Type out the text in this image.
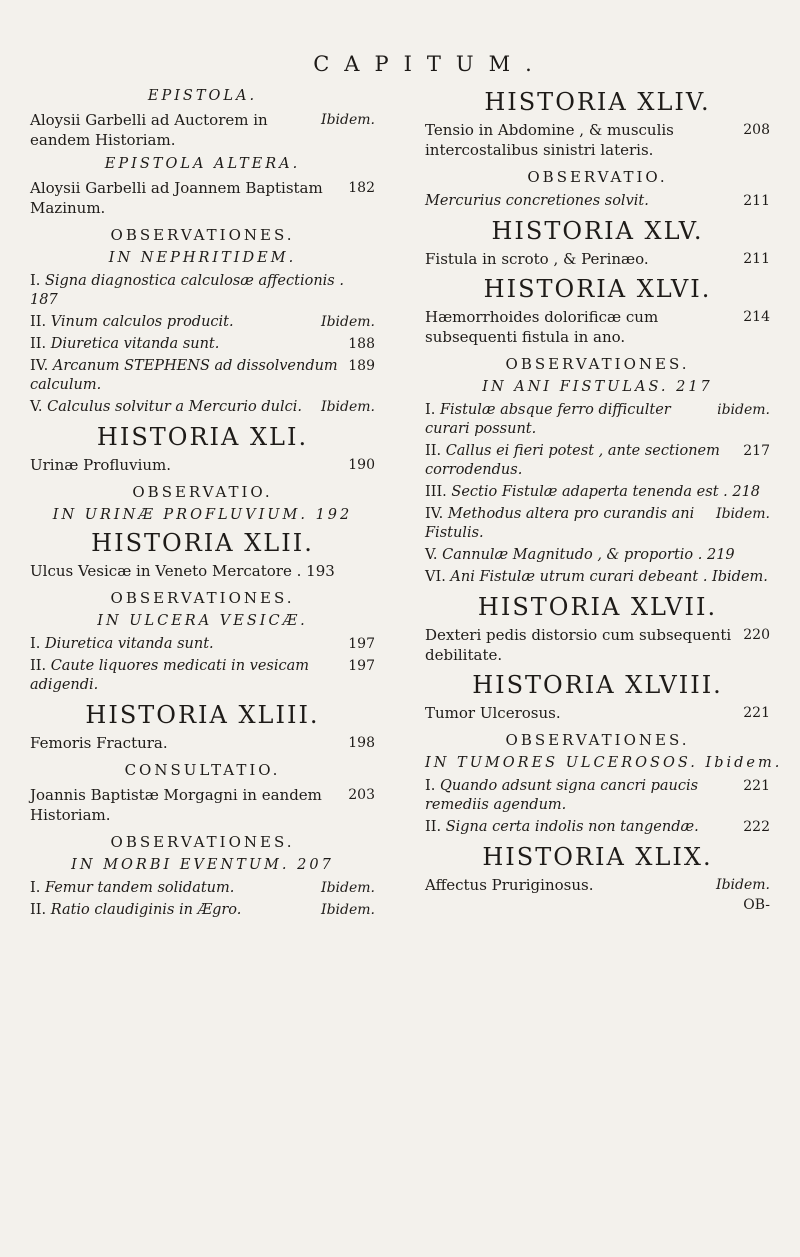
CAPITUM.
EPISTOLA.
Ibidem.
Aloysii Garbelli ad Auctorem in eandem Historiam.
EPISTOLA ALTERA.
182
Aloysii Garbelli ad Joannem Baptistam Mazinum.
OBSERVATIONES.
IN NEPHRITIDEM.
I. Signa diagnostica calculosæ affectionis . 187
Ibidem.
II. Vinum calculos producit.
188
II. Diuretica vitanda sunt.
189
IV. Arcanum STEPHENS ad dissolvendum calculum.
Ibidem.
V. Calculus solvitur a Mercurio dulci.
HISTORIA XLI.
190
Urinæ Profluvium.
OBSERVATIO.
IN URINÆ PROFLUVIUM. 192
HISTORIA XLII.
Ulcus Vesicæ in Veneto Mercatore . 193
OBSERVATIONES.
IN ULCERA VESICÆ.
197
I. Diuretica vitanda sunt.
197
II. Caute liquores medicati in vesicam adigendi.
HISTORIA XLIII.
198
Femoris Fractura.
CONSULTATIO.
203
Joannis Baptistæ Morgagni in eandem Historiam.
OBSERVATIONES.
IN MORBI EVENTUM. 207
Ibidem.
I. Femur tandem solidatum.
Ibidem.
II. Ratio claudiginis in Ægro.
HISTORIA XLIV.
208
Tensio in Abdomine , & musculis intercostalibus sinistri lateris.
OBSERVATIO.
211
Mercurius concretiones solvit.
HISTORIA XLV.
211
Fistula in scroto , & Perinæo.
HISTORIA XLVI.
214
Hæmorrhoides dolorificæ cum subsequenti fistula in ano.
OBSERVATIONES.
IN ANI FISTULAS. 217
ibidem.
I. Fistulæ absque ferro difficulter curari possunt.
217
II. Callus ei fieri potest , ante sectionem corrodendus.
III. Sectio Fistulæ adaperta tenenda est . 218
Ibidem.
IV. Methodus altera pro curandis ani Fistulis.
V. Cannulæ Magnitudo , & proportio . 219
VI. Ani Fistulæ utrum curari debeant . Ibidem.
HISTORIA XLVII.
220
Dexteri pedis distorsio cum subsequenti debilitate.
HISTORIA XLVIII.
221
Tumor Ulcerosus.
OBSERVATIONES.
IN TUMORES ULCEROSOS. Ibidem.
221
I. Quando adsunt signa cancri paucis remediis agendum.
222
II. Signa certa indolis non tangendæ.
HISTORIA XLIX.
Ibidem.
Affectus Pruriginosus.
OB-
